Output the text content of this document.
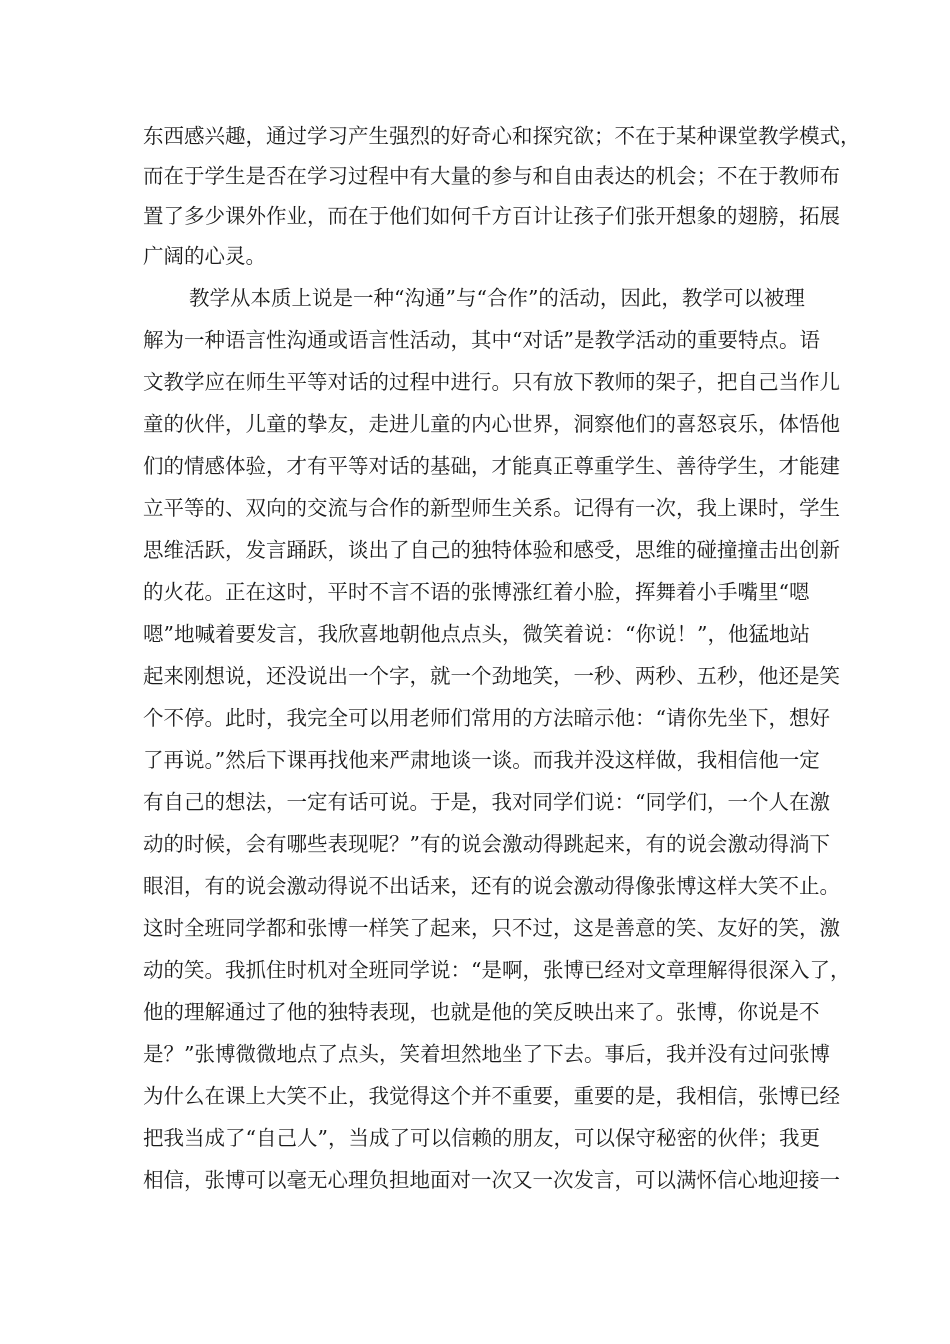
东西感兴趣，通过学习产生强烈的好奇心和探究欲；不在于某种课堂教学模式，
而在于学生是否在学习过程中有大量的参与和自由表达的机会；不在于教师布
置了多少课外作业，而在于他们如何千方百计让孩子们张开想象的翅膀，拓展
广阔的心灵。
教学从本质上说是一种“沟通”与“合作”的活动，因此，教学可以被理
解为一种语言性沟通或语言性活动，其中“对话”是教学活动的重要特点。语
文教学应在师生平等对话的过程中进行。只有放下教师的架子，把自己当作儿
童的伙伴，儿童的挚友，走进儿童的内心世界，洞察他们的喜怒哀乐，体悟他
们的情感体验，才有平等对话的基础，才能真正尊重学生、善待学生，才能建
立平等的、双向的交流与合作的新型师生关系。记得有一次，我上课时，学生
思维活跃，发言踊跃，谈出了自己的独特体验和感受，思维的碰撞撞击出创新
的火花。正在这时，平时不言不语的张博涨红着小脸，挥舞着小手嘴里“嗯
嗯”地喊着要发言，我欣喜地朝他点点头，微笑着说：“你说！”，他猛地站
起来刚想说，还没说出一个字，就一个劲地笑，一秒、两秒、五秒，他还是笑
个不停。此时，我完全可以用老师们常用的方法暗示他：“请你先坐下，想好
了再说。”然后下课再找他来严肃地谈一谈。而我并没这样做，我相信他一定
有自己的想法，一定有话可说。于是，我对同学们说：“同学们，一个人在激
动的时候，会有哪些表现呢？”有的说会激动得跳起来，有的说会激动得淌下
眼泪，有的说会激动得说不出话来，还有的说会激动得像张博这样大笑不止。
这时全班同学都和张博一样笑了起来，只不过，这是善意的笑、友好的笑，激
动的笑。我抓住时机对全班同学说：“是啊，张博已经对文章理解得很深入了，
他的理解通过了他的独特表现，也就是他的笑反映出来了。张博，你说是不
是？”张博微微地点了点头，笑着坦然地坐了下去。事后，我并没有过问张博
为什么在课上大笑不止，我觉得这个并不重要，重要的是，我相信，张博已经
把我当成了“自己人”，当成了可以信赖的朋友，可以保守秘密的伙伴；我更
相信，张博可以毫无心理负担地面对一次又一次发言，可以满怀信心地迎接一
